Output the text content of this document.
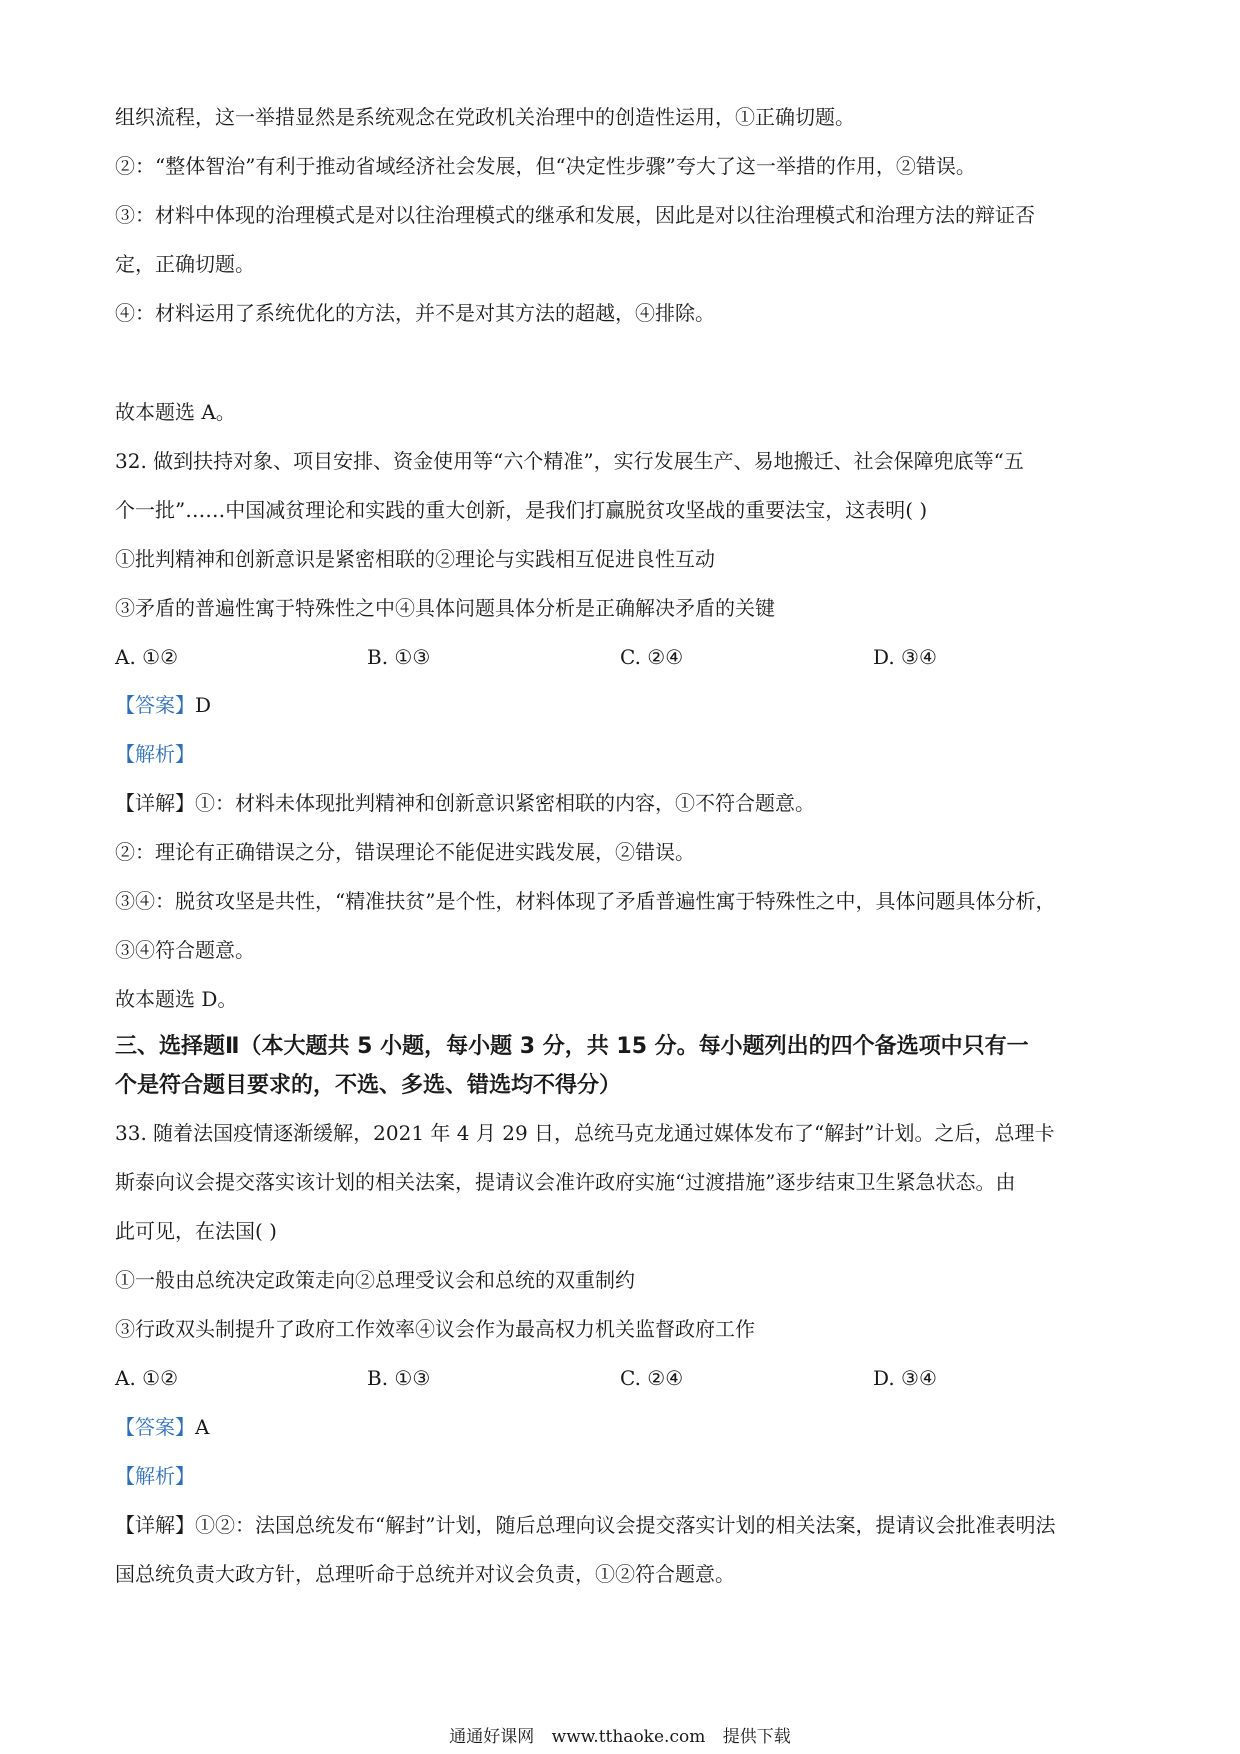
组织流程，这一举措显然是系统观念在党政机关治理中的创造性运用，①正确切题。
②：“整体智治”有利于推动省域经济社会发展，但“决定性步骤”夸大了这一举措的作用，②错误。
③：材料中体现的治理模式是对以往治理模式的继承和发展，因此是对以往治理模式和治理方法的辩证否
定，正确切题。
④：材料运用了系统优化的方法，并不是对其方法的超越，④排除。
故本题选 A。
32. 做到扶持对象、项目安排、资金使用等“六个精准”，实行发展生产、易地搬迁、社会保障兜底等“五
个一批”……中国减贫理论和实践的重大创新，是我们打赢脱贫攻坚战的重要法宝，这表明( )
①批判精神和创新意识是紧密相联的②理论与实践相互促进良性互动
③矛盾的普遍性寓于特殊性之中④具体问题具体分析是正确解决矛盾的关键
A. ①②	B. ①③	C. ②④	D. ③④
【答案】D
【解析】
【详解】①：材料未体现批判精神和创新意识紧密相联的内容，①不符合题意。
②：理论有正确错误之分，错误理论不能促进实践发展，②错误。
③④：脱贫攻坚是共性，“精准扶贫”是个性，材料体现了矛盾普遍性寓于特殊性之中，具体问题具体分析，
③④符合题意。
故本题选 D。
三、选择题Ⅱ（本大题共 5 小题，每小题 3 分，共 15 分。每小题列出的四个备选项中只有一
个是符合题目要求的，不选、多选、错选均不得分）
33. 随着法国疫情逐渐缓解，2021 年 4 月 29 日，总统马克龙通过媒体发布了“解封”计划。之后，总理卡
斯泰向议会提交落实该计划的相关法案，提请议会准许政府实施“过渡措施”逐步结束卫生紧急状态。由
此可见，在法国( )
①一般由总统决定政策走向②总理受议会和总统的双重制约
③行政双头制提升了政府工作效率④议会作为最高权力机关监督政府工作
A. ①②	B. ①③	C. ②④	D. ③④
【答案】A
【解析】
【详解】①②：法国总统发布“解封”计划，随后总理向议会提交落实计划的相关法案，提请议会批准表明法
国总统负责大政方针，总理听命于总统并对议会负责，①②符合题意。
通通好课网 www.tthaoke.com 提供下载
